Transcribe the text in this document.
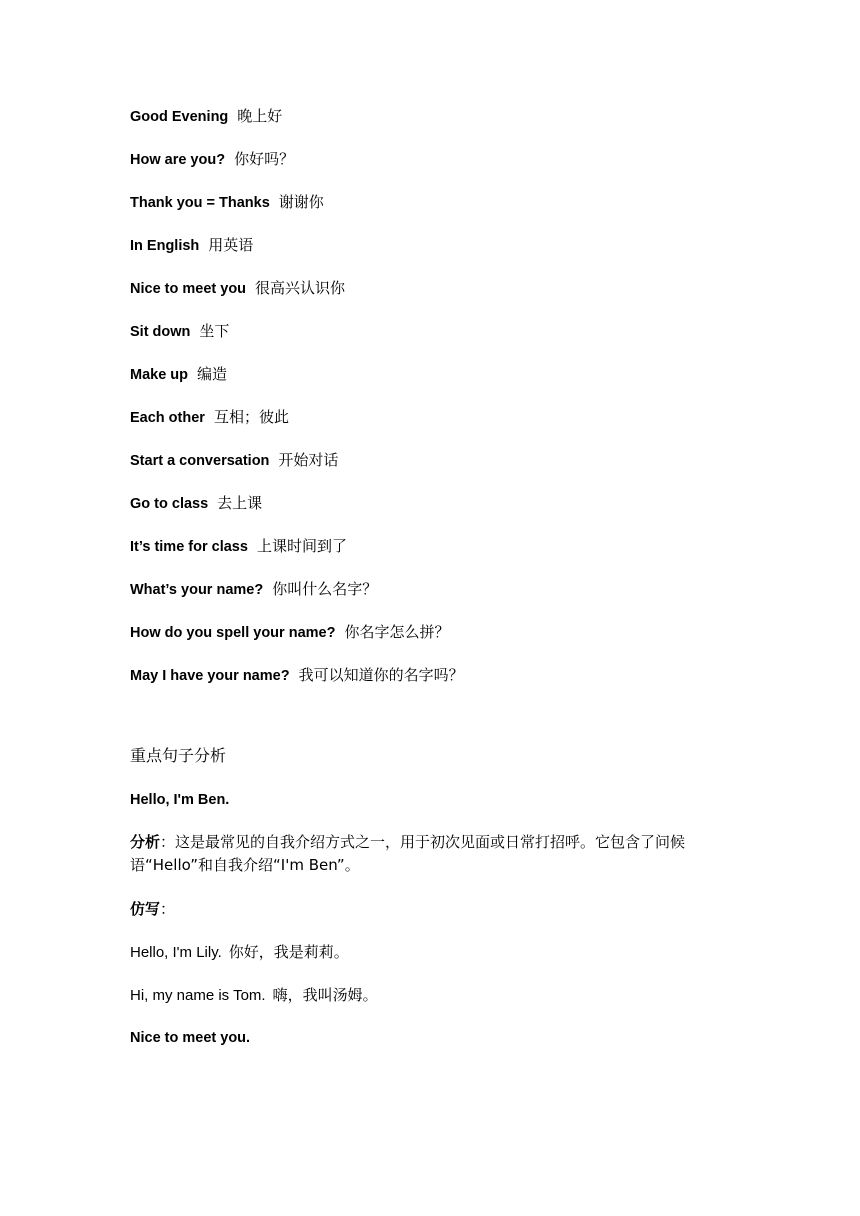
Good Evening 晚上好
How are you? 你好吗？
Thank you = Thanks 谢谢你
In English 用英语
Nice to meet you 很高兴认识你
Sit down 坐下
Make up 编造
Each other 互相；彼此
Start a conversation 开始对话
Go to class 去上课
It’s time for class 上课时间到了
What’s your name? 你叫什么名字？
How do you spell your name? 你名字怎么拼？
May I have your name? 我可以知道你的名字吗？
重点句子分析
Hello, I'm Ben.
分析：这是最常见的自我介绍方式之一，用于初次见面或日常打招呼。它包含了问候语“Hello”和自我介绍“I'm Ben”。
仿写：
Hello, I'm Lily. 你好，我是莉莉。
Hi, my name is Tom. 嗨，我叫汤姆。
Nice to meet you.
